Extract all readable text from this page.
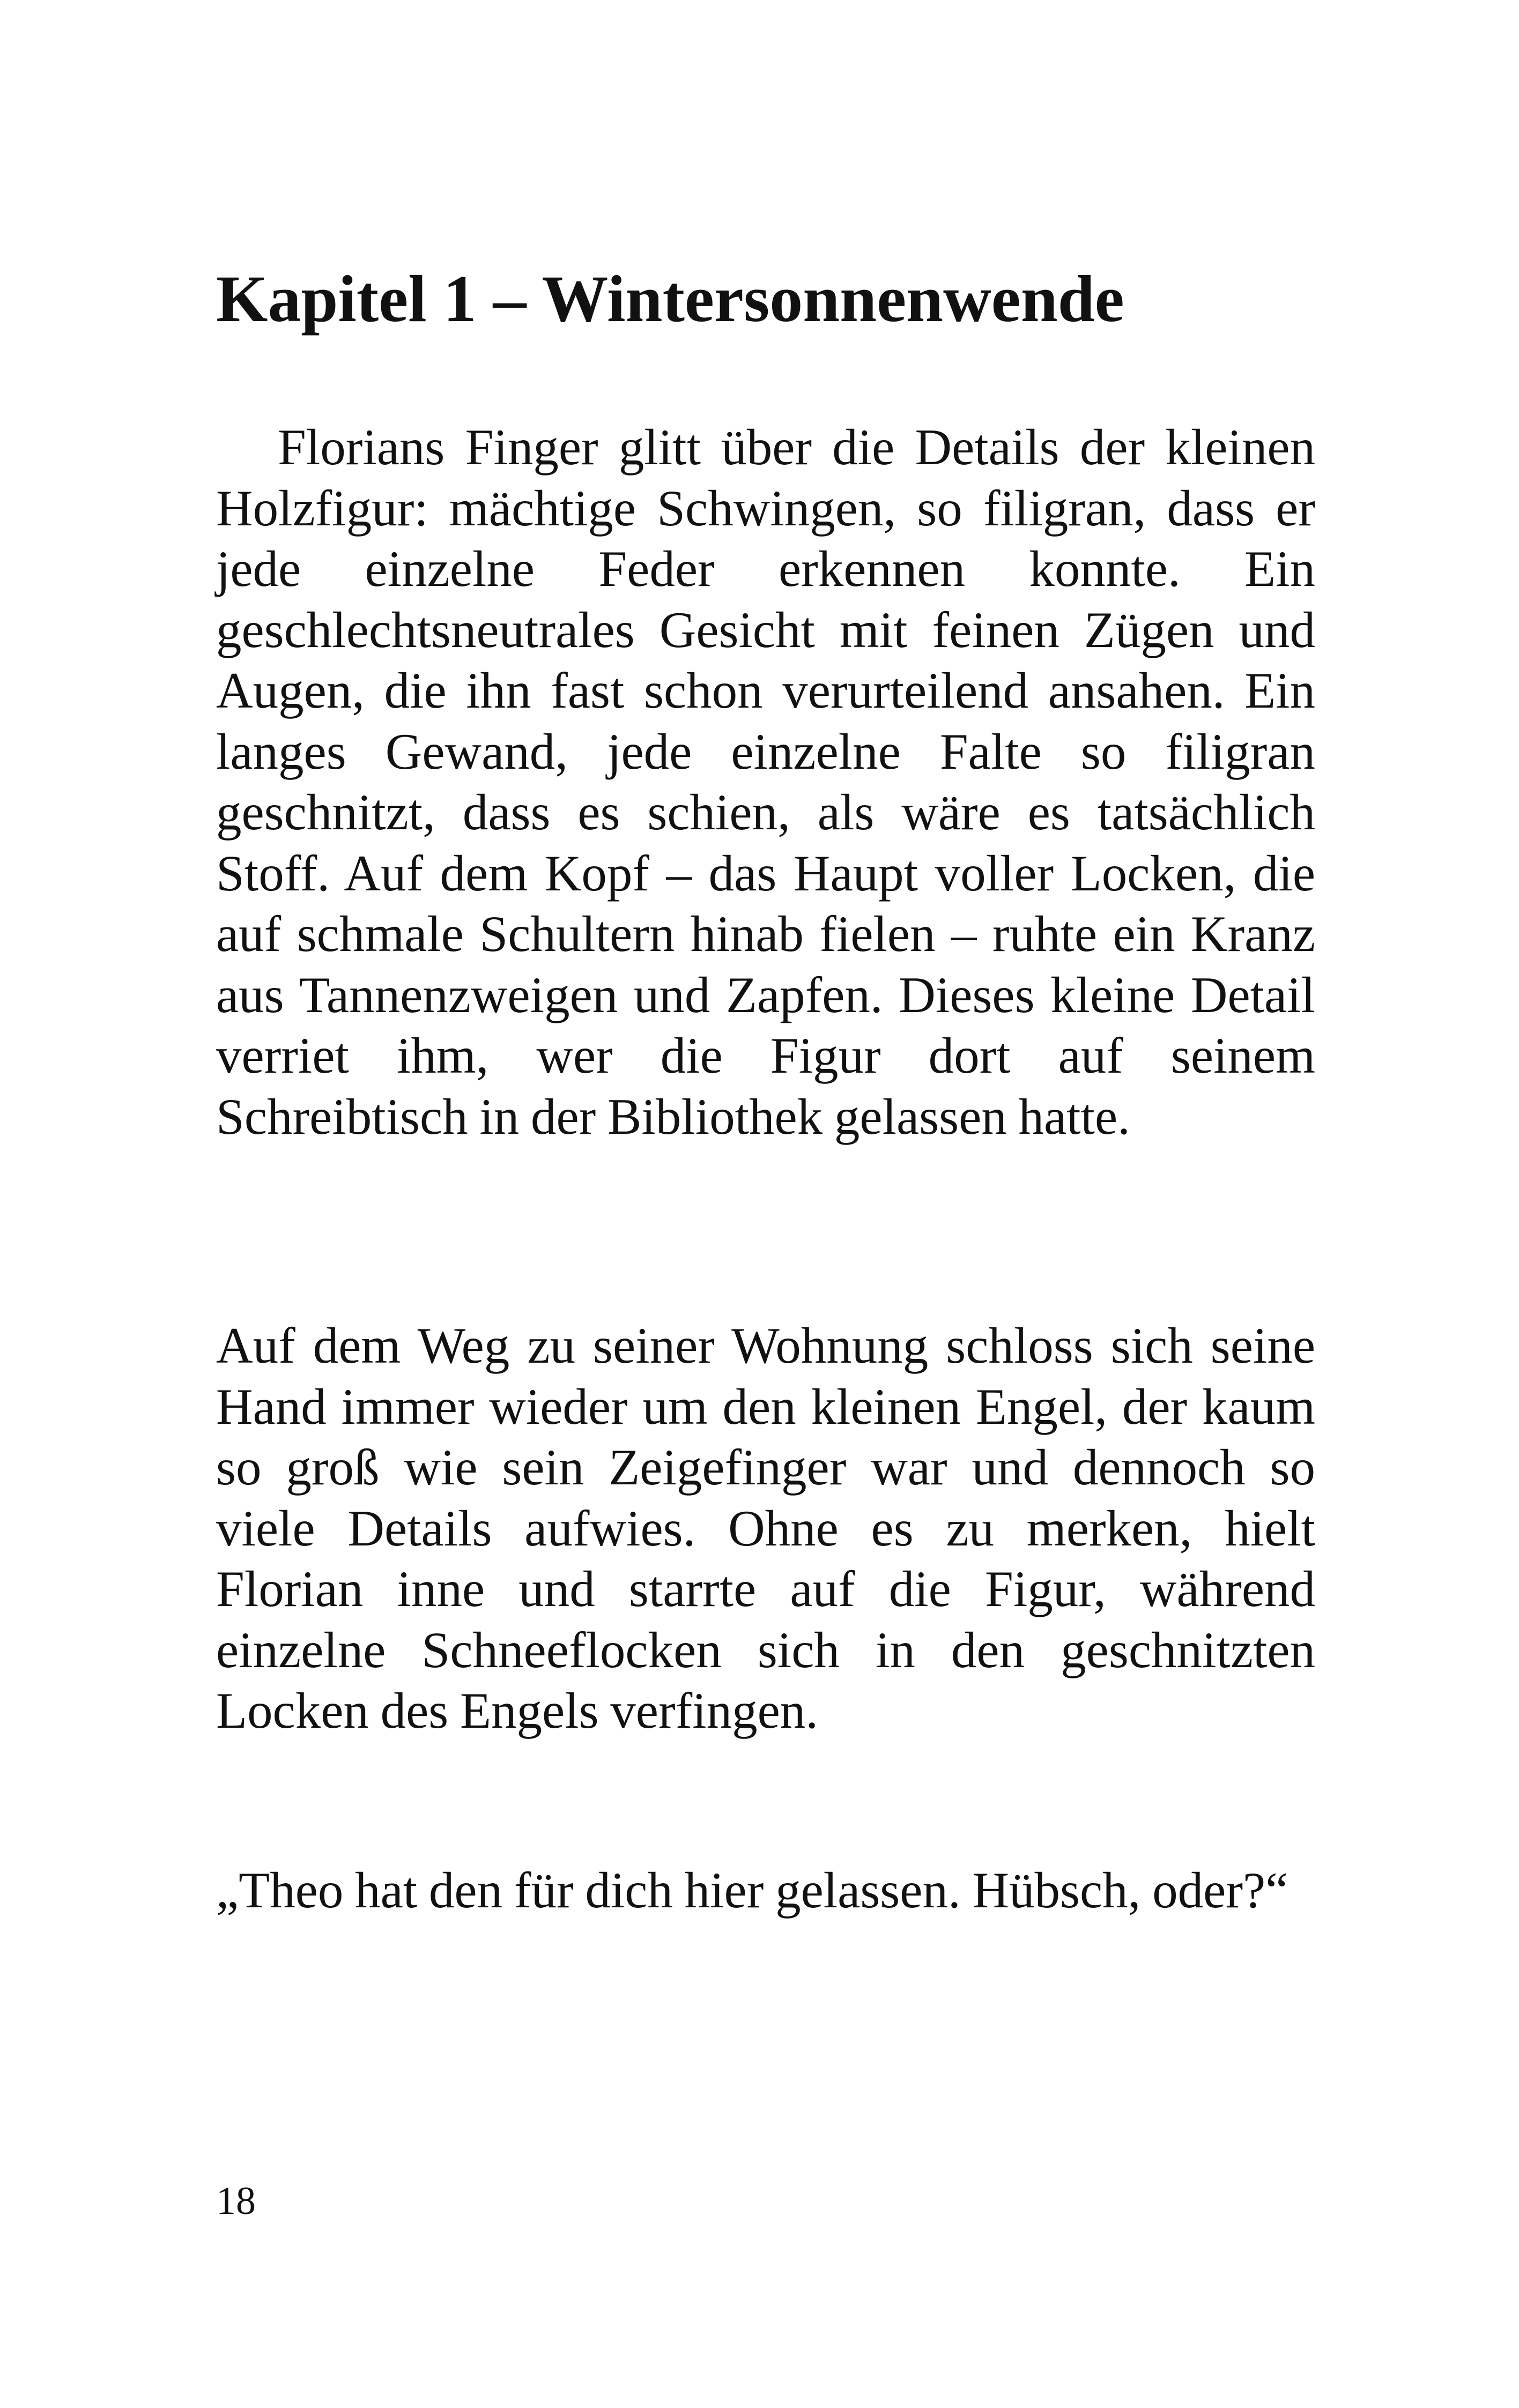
Kapitel 1 – Wintersonnenwende

Florians Finger glitt über die Details der kleinen Holzfigur: mächtige Schwingen, so filigran, dass er jede einzelne Feder erkennen konnte. Ein geschlechtsneutrales Gesicht mit feinen Zügen und Augen, die ihn fast schon verurteilend ansahen. Ein langes Gewand, jede einzelne Falte so filigran geschnitzt, dass es schien, als wäre es tatsächlich Stoff. Auf dem Kopf – das Haupt voller Locken, die auf schmale Schultern hinab fielen – ruhte ein Kranz aus Tannenzweigen und Zapfen. Dieses kleine Detail verriet ihm, wer die Figur dort auf seinem Schreibtisch in der Bibliothek gelassen hatte.

Auf dem Weg zu seiner Wohnung schloss sich seine Hand immer wieder um den kleinen Engel, der kaum so groß wie sein Zeigefinger war und dennoch so viele Details aufwies. Ohne es zu merken, hielt Florian inne und starrte auf die Figur, während einzelne Schneeflocken sich in den geschnitzten Locken des Engels verfingen.

„Theo hat den für dich hier gelassen. Hübsch, oder?“

18
